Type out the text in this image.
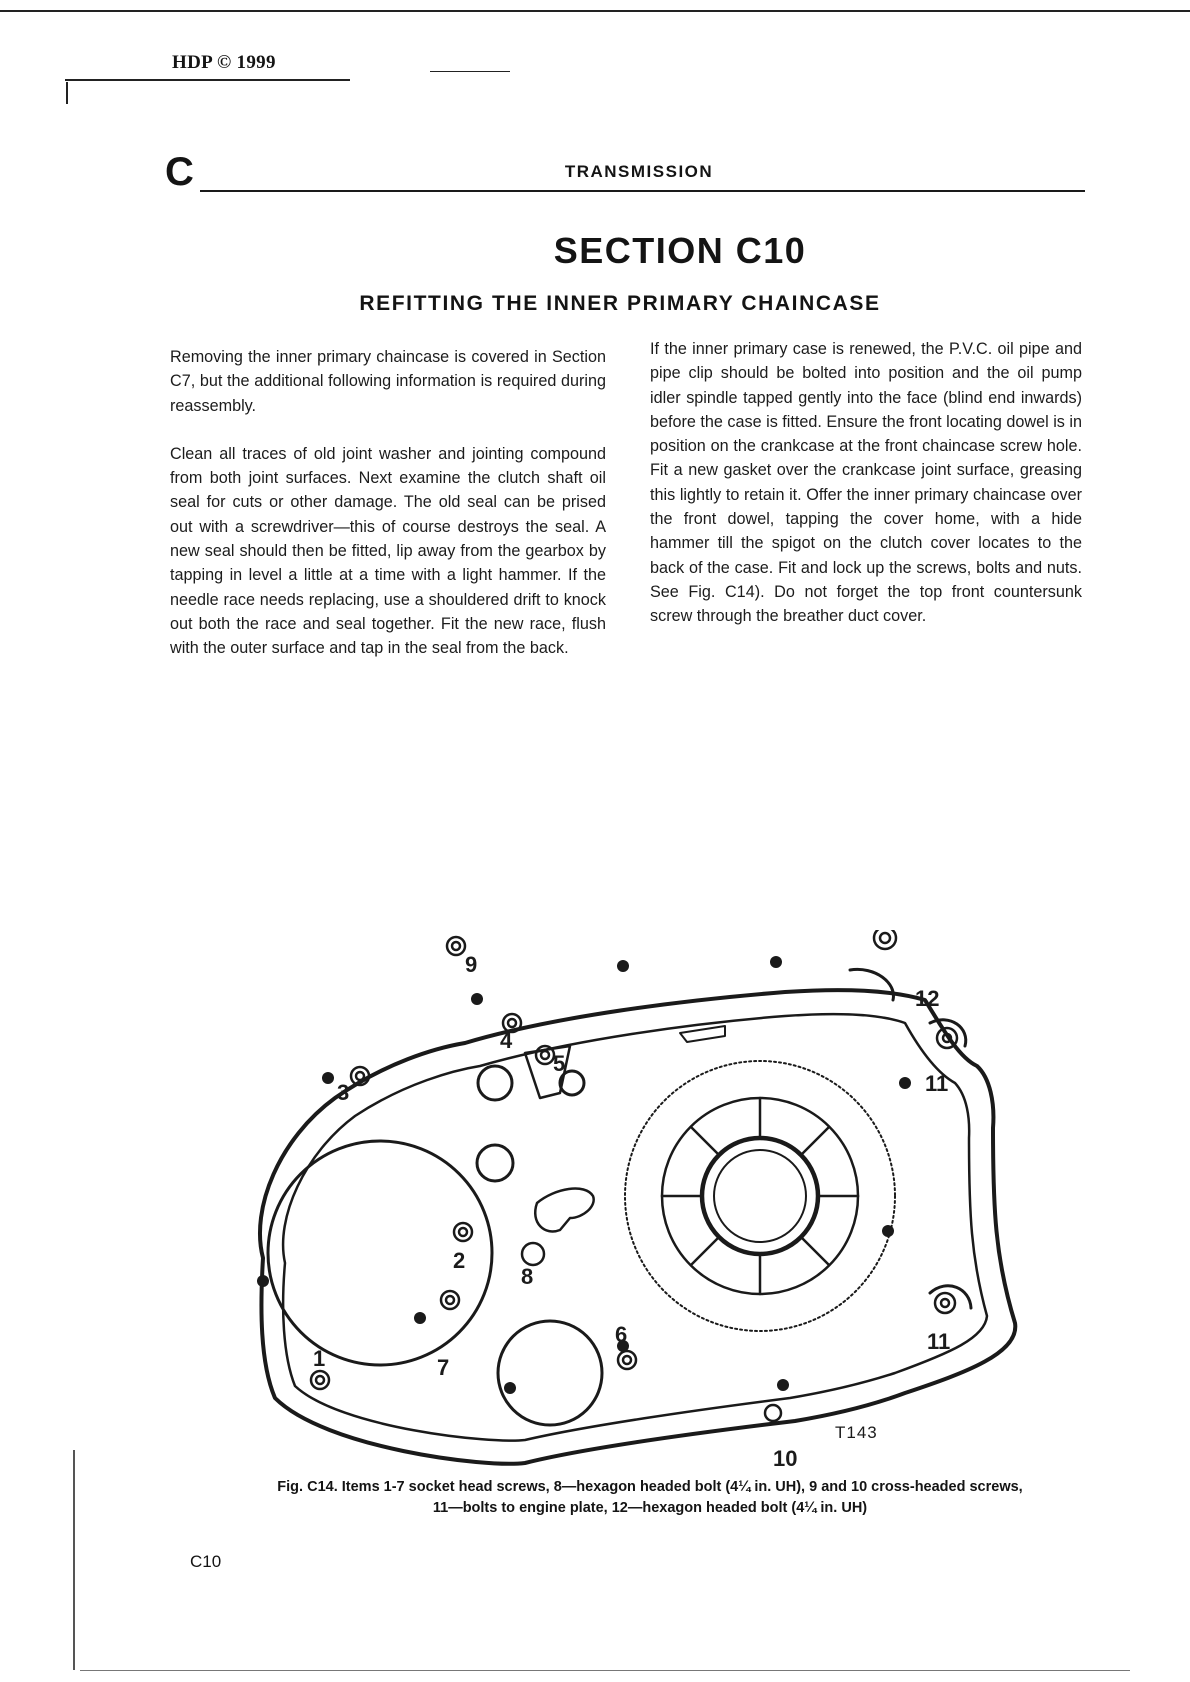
HDP © 1999
C	TRANSMISSION
SECTION C10
REFITTING THE INNER PRIMARY CHAINCASE

Removing the inner primary chaincase is covered in Section C7, but the additional following information is required during reassembly.

Clean all traces of old joint washer and jointing compound from both joint surfaces. Next examine the clutch shaft oil seal for cuts or other damage. The old seal can be prised out with a screwdriver—this of course destroys the seal. A new seal should then be fitted, lip away from the gearbox by tapping in level a little at a time with a light hammer. If the needle race needs replacing, use a shouldered drift to knock out both the race and seal together. Fit the new race, flush with the outer surface and tap in the seal from the back.

If the inner primary case is renewed, the P.V.C. oil pipe and pipe clip should be bolted into position and the oil pump idler spindle tapped gently into the face (blind end inwards) before the case is fitted. Ensure the front locating dowel is in position on the crankcase at the front chaincase screw hole. Fit a new gasket over the crankcase joint surface, greasing this lightly to retain it. Offer the inner primary chaincase over the front dowel, tapping the cover home, with a hide hammer till the spigot on the clutch cover locates to the back of the case. Fit and lock up the screws, bolts and nuts. See Fig. C14). Do not forget the top front countersunk screw through the breather duct cover.

1
2
3
4
5
6
7
8
9
10
11
11
12
T143
Fig. C14. Items 1-7 socket head screws, 8—hexagon headed bolt (4¼ in. UH), 9 and 10 cross-headed screws,
11—bolts to engine plate, 12—hexagon headed bolt (4¼ in. UH)
C10
